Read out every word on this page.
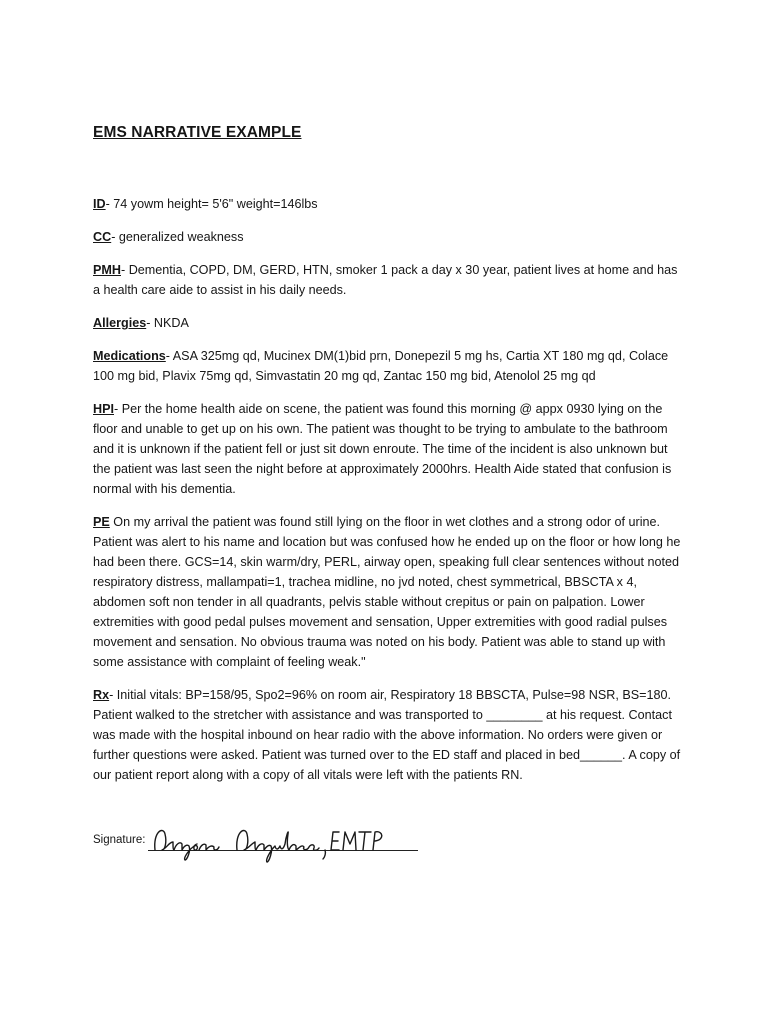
EMS NARRATIVE EXAMPLE
ID- 74 yowm height= 5'6" weight=146lbs
CC- generalized weakness
PMH- Dementia, COPD, DM, GERD, HTN, smoker 1 pack a day x 30 year, patient lives at home and has a health care aide to assist in his daily needs.
Allergies- NKDA
Medications- ASA 325mg qd, Mucinex DM(1)bid prn, Donepezil 5 mg hs, Cartia XT 180 mg qd, Colace 100 mg bid, Plavix 75mg qd, Simvastatin 20 mg qd, Zantac 150 mg bid, Atenolol 25 mg qd
HPI- Per the home health aide on scene, the patient was found this morning @ appx 0930 lying on the floor and unable to get up on his own. The patient was thought to be trying to ambulate to the bathroom and it is unknown if the patient fell or just sit down enroute. The time of the incident is also unknown but the patient was last seen the night before at approximately 2000hrs. Health Aide stated that confusion is normal with his dementia.
PE On my arrival the patient was found still lying on the floor in wet clothes and a strong odor of urine. Patient was alert to his name and location but was confused how he ended up on the floor or how long he had been there. GCS=14, skin warm/dry, PERL, airway open, speaking full clear sentences without noted respiratory distress, mallampati=1, trachea midline, no jvd noted, chest symmetrical, BBSCTA x 4, abdomen soft non tender in all quadrants, pelvis stable without crepitus or pain on palpation. Lower extremities with good pedal pulses movement and sensation, Upper extremities with good radial pulses movement and sensation. No obvious trauma was noted on his body. Patient was able to stand up with some assistance with complaint of feeling weak."
Rx- Initial vitals: BP=158/95, Spo2=96% on room air, Respiratory 18 BBSCTA, Pulse=98 NSR, BS=180. Patient walked to the stretcher with assistance and was transported to ________ at his request. Contact was made with the hospital inbound on hear radio with the above information. No orders were given or further questions were asked. Patient was turned over to the ED staff and placed in bed______. A copy of our patient report along with a copy of all vitals were left with the patients RN.
Signature:
